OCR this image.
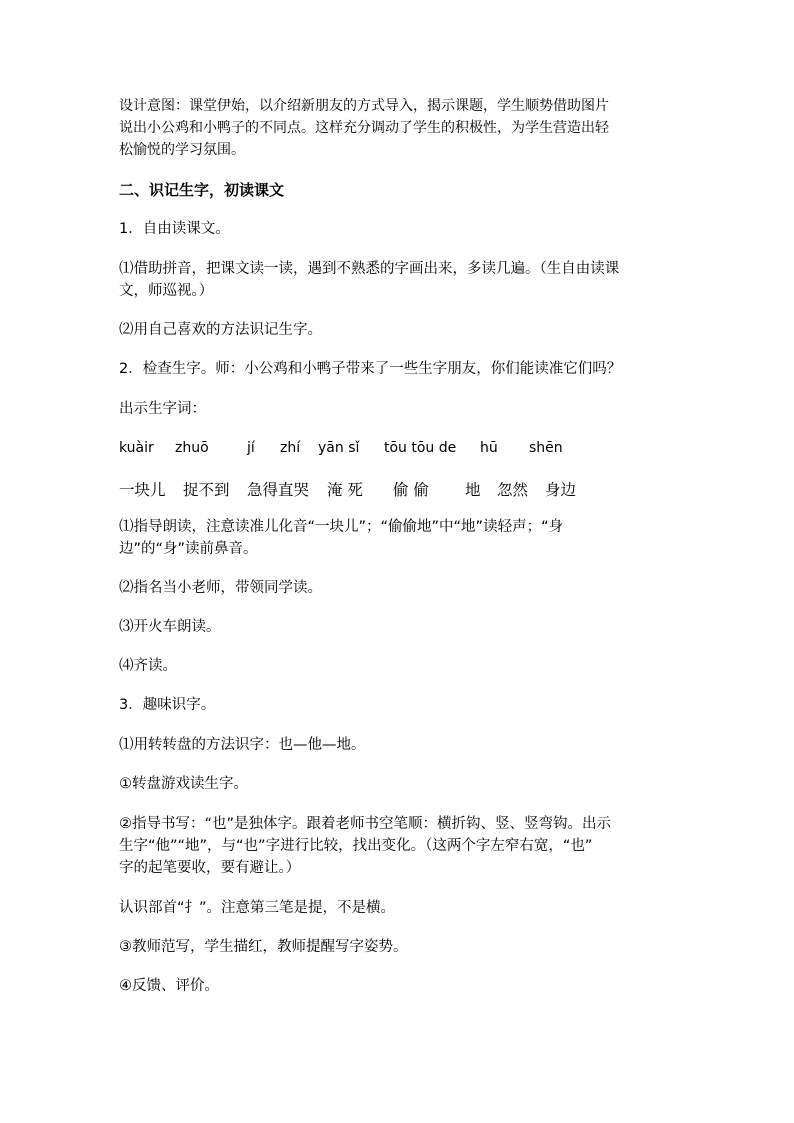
设计意图：课堂伊始，以介绍新朋友的方式导入，揭示课题，学生顺势借助图片
说出小公鸡和小鸭子的不同点。这样充分调动了学生的积极性，为学生营造出轻
松愉悦的学习氛围。
二、识记生字，初读课文
1．自由读课文。
⑴借助拼音，把课文读一读，遇到不熟悉的字画出来，多读几遍。（生自由读课
文，师巡视。）
⑵用自己喜欢的方法识记生字。
2．检查生字。师：小公鸡和小鸭子带来了一些生字朋友，你们能读准它们吗？
出示生字词：
kuàir zhuō	jí zhí yān sǐ tōu tōu de hū shēn
一块儿 捉不到 急得直哭 淹 死 偷 偷 地 忽然 身边
⑴指导朗读，注意读准儿化音“一块儿”；“偷偷地”中“地”读轻声；“身
边”的“身”读前鼻音。
⑵指名当小老师，带领同学读。
⑶开火车朗读。
⑷齐读。
3．趣味识字。
⑴用转转盘的方法识字：也—他—地。
①转盘游戏读生字。
②指导书写：“也”是独体字。跟着老师书空笔顺：横折钩、竖、竖弯钩。出示
生字“他”“地”，与“也”字进行比较，找出变化。（这两个字左窄右宽，“也”
字的起笔要收，要有避让。）
认识部首“扌”。注意第三笔是提，不是横。
③教师范写，学生描红，教师提醒写字姿势。
④反馈、评价。
